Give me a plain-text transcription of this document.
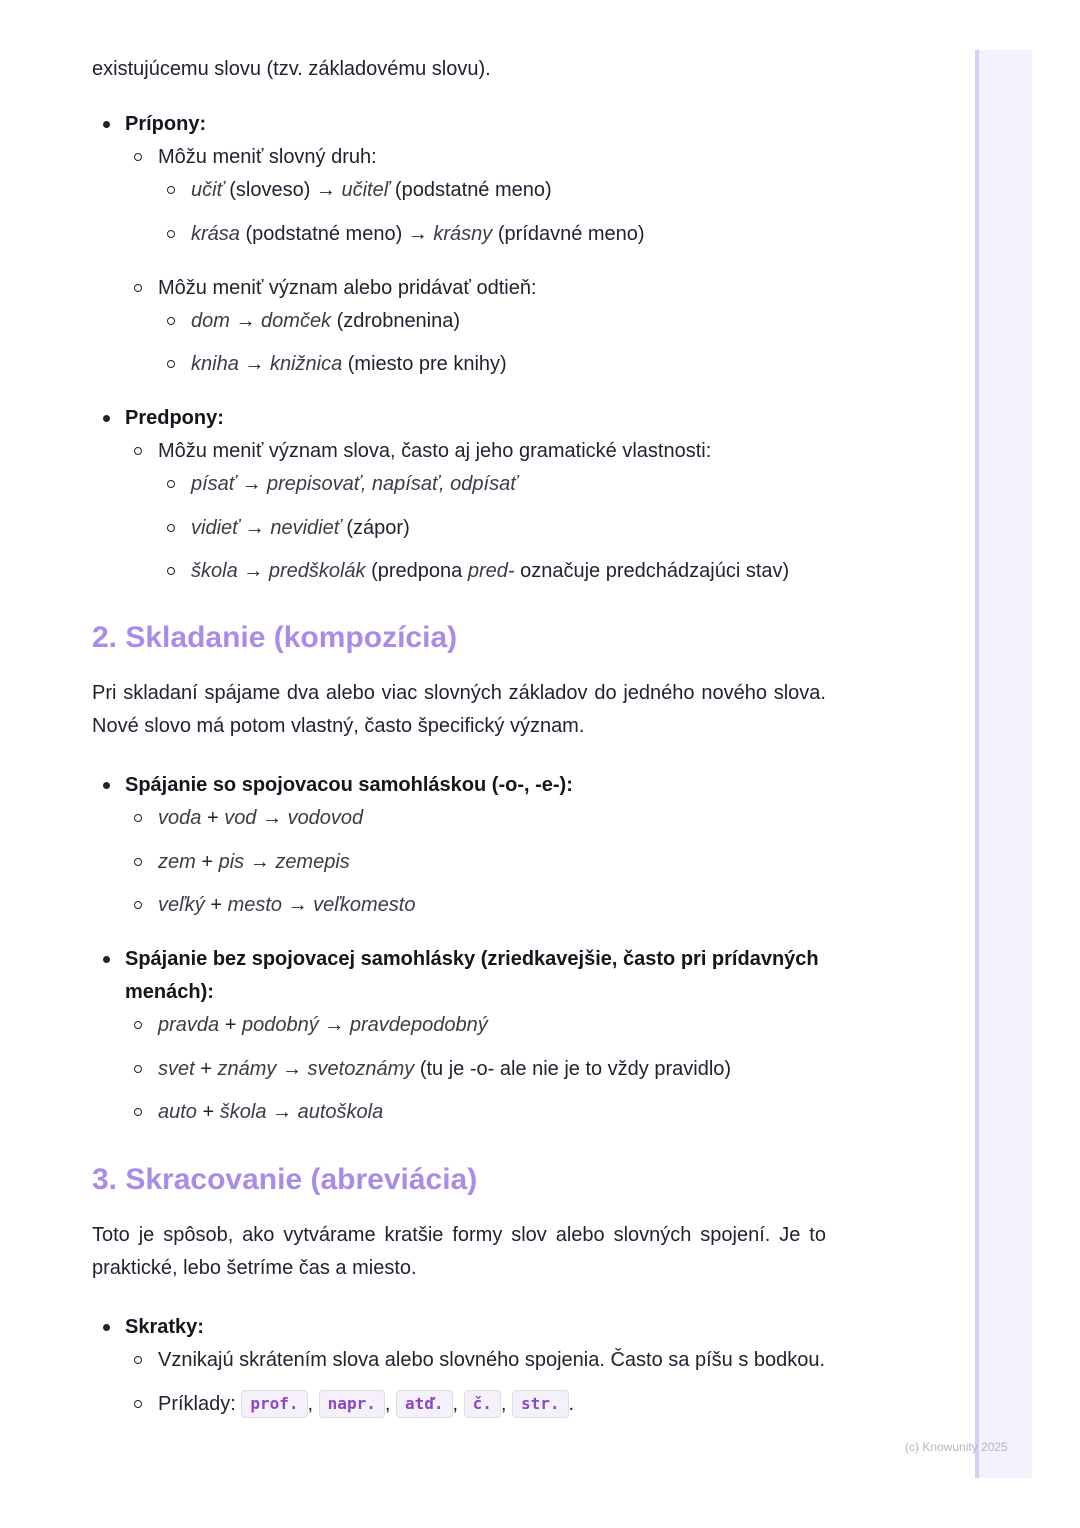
(c) Knowunity 2025

existujúcemu slovu (tzv. základovému slovu).

Prípony:
Môžu meniť slovný druh:
učiť (sloveso) → učiteľ (podstatné meno)
krása (podstatné meno) → krásny (prídavné meno)
Môžu meniť význam alebo pridávať odtieň:
dom → domček (zdrobnenina)
kniha → knižnica (miesto pre knihy)
Predpony:
Môžu meniť význam slova, často aj jeho gramatické vlastnosti:
písať → prepisovať, napísať, odpísať
vidieť → nevidieť (zápor)
škola → predškolák (predpona pred- označuje predchádzajúci stav)
2. Skladanie (kompozícia)

Pri skladaní spájame dva alebo viac slovných základov do jedného nového slova. Nové slovo má potom vlastný, často špecifický význam.

Spájanie so spojovacou samohláskou (-o-, -e-):
voda + vod → vodovod
zem + pis → zemepis
veľký + mesto → veľkomesto
Spájanie bez spojovacej samohlásky (zriedkavejšie, často pri prídavných menách):
pravda + podobný → pravdepodobný
svet + známy → svetoznámy (tu je -o- ale nie je to vždy pravidlo)
auto + škola → autoškola
3. Skracovanie (abreviácia)

Toto je spôsob, ako vytvárame kratšie formy slov alebo slovných spojení. Je to praktické, lebo šetríme čas a miesto.

Skratky:
Vznikajú skrátením slova alebo slovného spojenia. Často sa píšu s bodkou.
Príklady: prof. , napr. , atď. , č. , str. .
